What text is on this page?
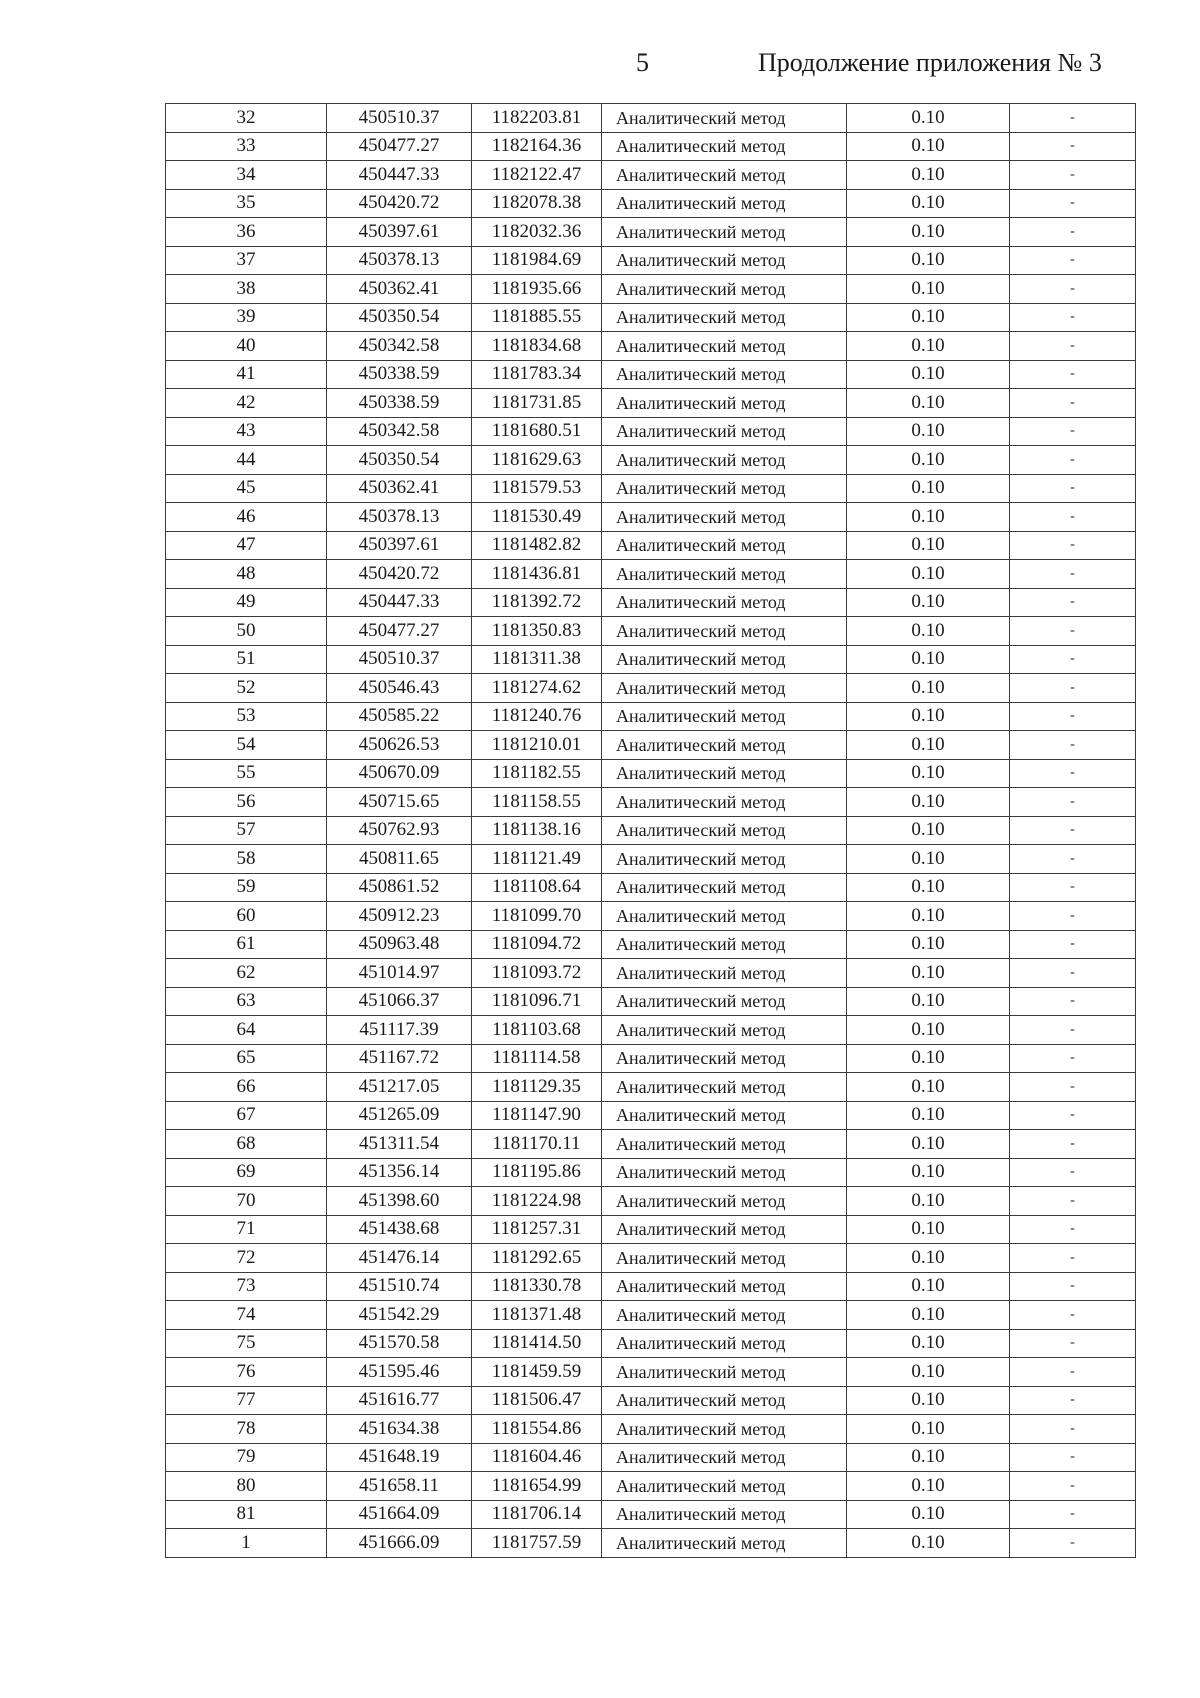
5	Продолжение приложения № 3
32	450510.37	1182203.81	Аналитический метод	0.10	-
33	450477.27	1182164.36	Аналитический метод	0.10	-
34	450447.33	1182122.47	Аналитический метод	0.10	-
35	450420.72	1182078.38	Аналитический метод	0.10	-
36	450397.61	1182032.36	Аналитический метод	0.10	-
37	450378.13	1181984.69	Аналитический метод	0.10	-
38	450362.41	1181935.66	Аналитический метод	0.10	-
39	450350.54	1181885.55	Аналитический метод	0.10	-
40	450342.58	1181834.68	Аналитический метод	0.10	-
41	450338.59	1181783.34	Аналитический метод	0.10	-
42	450338.59	1181731.85	Аналитический метод	0.10	-
43	450342.58	1181680.51	Аналитический метод	0.10	-
44	450350.54	1181629.63	Аналитический метод	0.10	-
45	450362.41	1181579.53	Аналитический метод	0.10	-
46	450378.13	1181530.49	Аналитический метод	0.10	-
47	450397.61	1181482.82	Аналитический метод	0.10	-
48	450420.72	1181436.81	Аналитический метод	0.10	-
49	450447.33	1181392.72	Аналитический метод	0.10	-
50	450477.27	1181350.83	Аналитический метод	0.10	-
51	450510.37	1181311.38	Аналитический метод	0.10	-
52	450546.43	1181274.62	Аналитический метод	0.10	-
53	450585.22	1181240.76	Аналитический метод	0.10	-
54	450626.53	1181210.01	Аналитический метод	0.10	-
55	450670.09	1181182.55	Аналитический метод	0.10	-
56	450715.65	1181158.55	Аналитический метод	0.10	-
57	450762.93	1181138.16	Аналитический метод	0.10	-
58	450811.65	1181121.49	Аналитический метод	0.10	-
59	450861.52	1181108.64	Аналитический метод	0.10	-
60	450912.23	1181099.70	Аналитический метод	0.10	-
61	450963.48	1181094.72	Аналитический метод	0.10	-
62	451014.97	1181093.72	Аналитический метод	0.10	-
63	451066.37	1181096.71	Аналитический метод	0.10	-
64	451117.39	1181103.68	Аналитический метод	0.10	-
65	451167.72	1181114.58	Аналитический метод	0.10	-
66	451217.05	1181129.35	Аналитический метод	0.10	-
67	451265.09	1181147.90	Аналитический метод	0.10	-
68	451311.54	1181170.11	Аналитический метод	0.10	-
69	451356.14	1181195.86	Аналитический метод	0.10	-
70	451398.60	1181224.98	Аналитический метод	0.10	-
71	451438.68	1181257.31	Аналитический метод	0.10	-
72	451476.14	1181292.65	Аналитический метод	0.10	-
73	451510.74	1181330.78	Аналитический метод	0.10	-
74	451542.29	1181371.48	Аналитический метод	0.10	-
75	451570.58	1181414.50	Аналитический метод	0.10	-
76	451595.46	1181459.59	Аналитический метод	0.10	-
77	451616.77	1181506.47	Аналитический метод	0.10	-
78	451634.38	1181554.86	Аналитический метод	0.10	-
79	451648.19	1181604.46	Аналитический метод	0.10	-
80	451658.11	1181654.99	Аналитический метод	0.10	-
81	451664.09	1181706.14	Аналитический метод	0.10	-
1	451666.09	1181757.59	Аналитический метод	0.10	-
